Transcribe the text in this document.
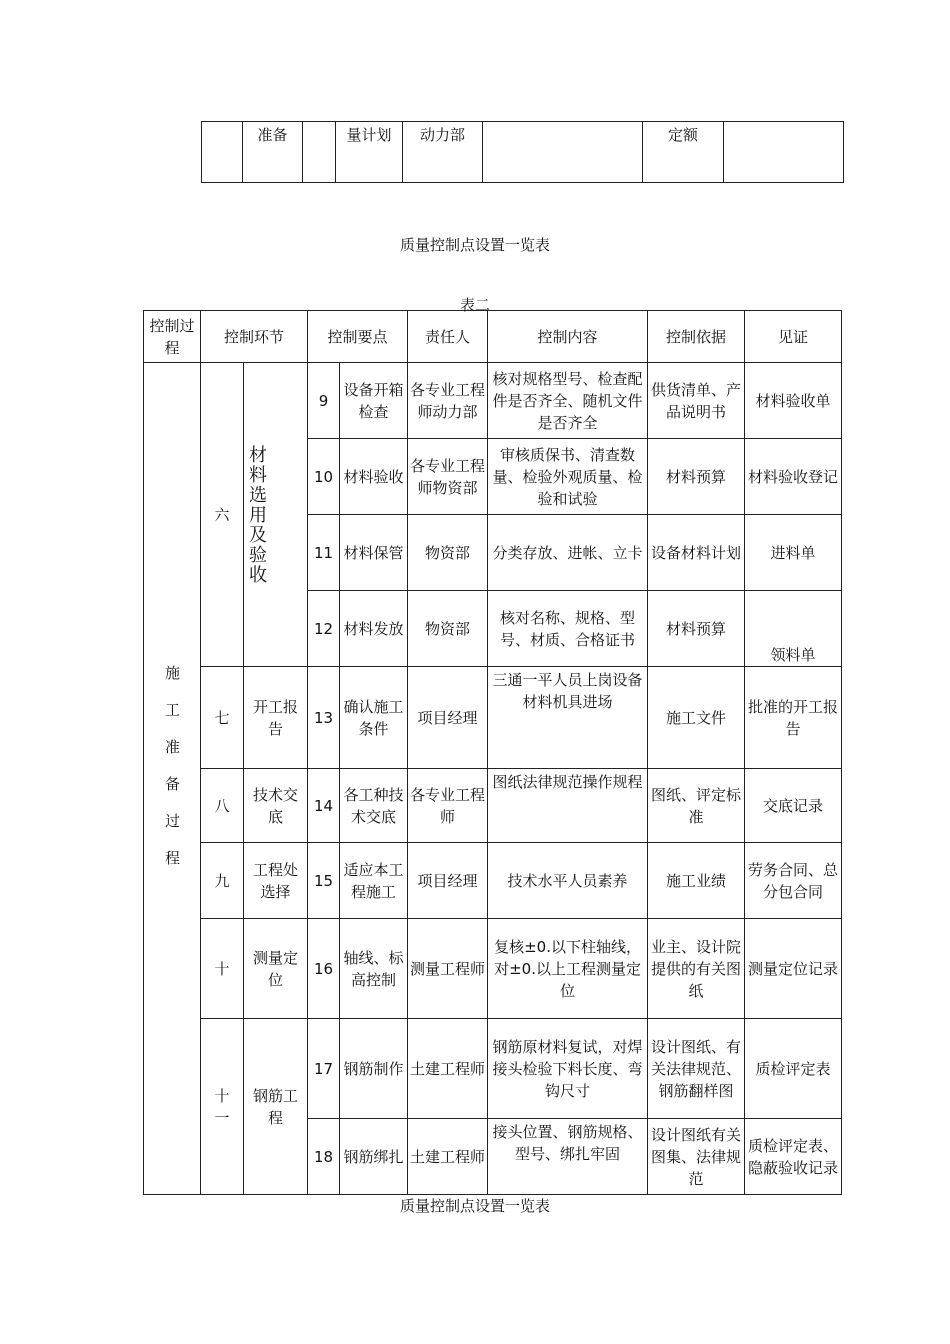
	准备		量计划	动力部		定额	
质量控制点设置一览表
表二
控制过程	控制环节		控制要点		责任人	控制内容	控制依据	见证
施工准备过程	六	材料选用及验收	9	设备开箱检查	各专业工程师动力部	核对规格型号、检查配件是否齐全、随机文件是否齐全	供货清单、产品说明书	材料验收单
			10	材料验收	各专业工程师物资部	审核质保书、清查数量、检验外观质量、检验和试验	材料预算	材料验收登记
			11	材料保管	物资部	分类存放、进帐、立卡	设备材料计划	进料单
			12	材料发放	物资部	核对名称、规格、型号、材质、合格证书	材料预算	领料单
	七	开工报告	13	确认施工条件	项目经理	三通一平人员上岗设备材料机具进场	施工文件	批准的开工报告
	八	技术交底	14	各工种技术交底	各专业工程师	图纸法律规范操作规程	图纸、评定标准	交底记录
	九	工程处选择	15	适应本工程施工	项目经理	技术水平人员素养	施工业绩	劳务合同、总分包合同
	十	测量定位	16	轴线、标高控制	测量工程师	复核±0.以下柱轴线，对±0.以上工程测量定位	业主、设计院提供的有关图纸	测量定位记录
	十一	钢筋工程	17	钢筋制作	土建工程师	钢筋原材料复试，对焊接头检验下料长度、弯钩尺寸	设计图纸、有关法律规范、钢筋翻样图	质检评定表
			18	钢筋绑扎	土建工程师	接头位置、钢筋规格、型号、绑扎牢固	设计图纸有关图集、法律规范	质检评定表、隐蔽验收记录
质量控制点设置一览表
